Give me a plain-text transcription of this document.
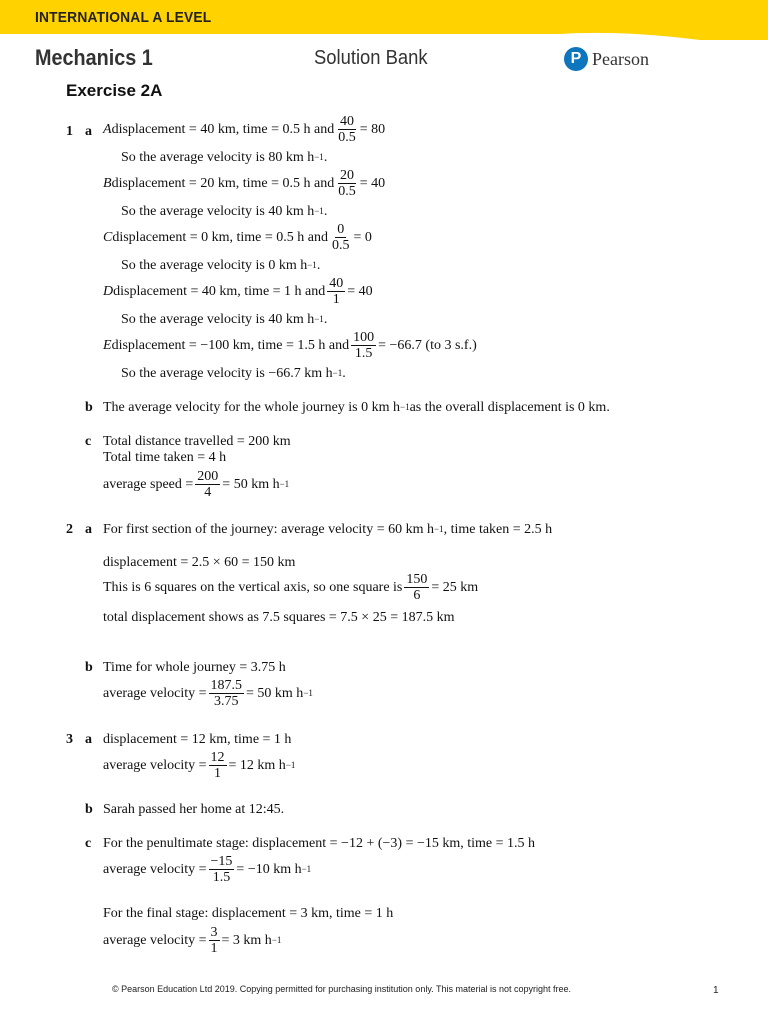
INTERNATIONAL A LEVEL
Mechanics 1	Solution Bank	P Pearson
Exercise 2A
1 a A displacement = 40 km, time = 0.5 h and $\frac{40}{0.5} = 80$
So the average velocity is 80 km $h^{-1}$ .
B displacement = 20 km, time = 0.5 h and $\frac{20}{0.5} = 40$
So the average velocity is 40 km $h^{-1}$ .
C displacement = 0 km, time = 0.5 h and $\frac{0}{0.5} = 0$
So the average velocity is 0 km $h^{-1}$ .
D displacement = 40 km, time = 1 h and $\frac{40}{1} = 40$
So the average velocity is 40 km $h^{-1}$ .
E displacement = −100 km, time = 1.5 h and $\frac{100}{1.5} = -66.7$ (to 3 s.f.)
So the average velocity is −66.7 km $h^{-1}$ .
b The average velocity for the whole journey is 0 km $h^{-1}$ as the overall displacement is 0 km.
c Total distance travelled = 200 km
Total time taken = 4 h
average speed = $\frac{200}{4} = 50$ km $h^{-1}$
2 a For first section of the journey: average velocity = 60 km $h^{-1}$ , time taken = 2.5 h
displacement = 2.5 × 60 = 150 km
This is 6 squares on the vertical axis, so one square is $\frac{150}{6} = 25$ km
total displacement shows as 7.5 squares = 7.5 × 25 = 187.5 km
b Time for whole journey = 3.75 h
average velocity = $\frac{187.5}{3.75} = 50$ km $h^{-1}$
3 a displacement = 12 km, time = 1 h
average velocity = $\frac{12}{1} = 12$ km $h^{-1}$
b Sarah passed her home at 12:45.
c For the penultimate stage: displacement = −12 + (−3) = −15 km, time = 1.5 h
average velocity = $\frac{-15}{1.5} = -10$ km $h^{-1}$
For the final stage: displacement = 3 km, time = 1 h
average velocity = $\frac{3}{1} = 3$ km $h^{-1}$
© Pearson Education Ltd 2019. Copying permitted for purchasing institution only. This material is not copyright free.	1
